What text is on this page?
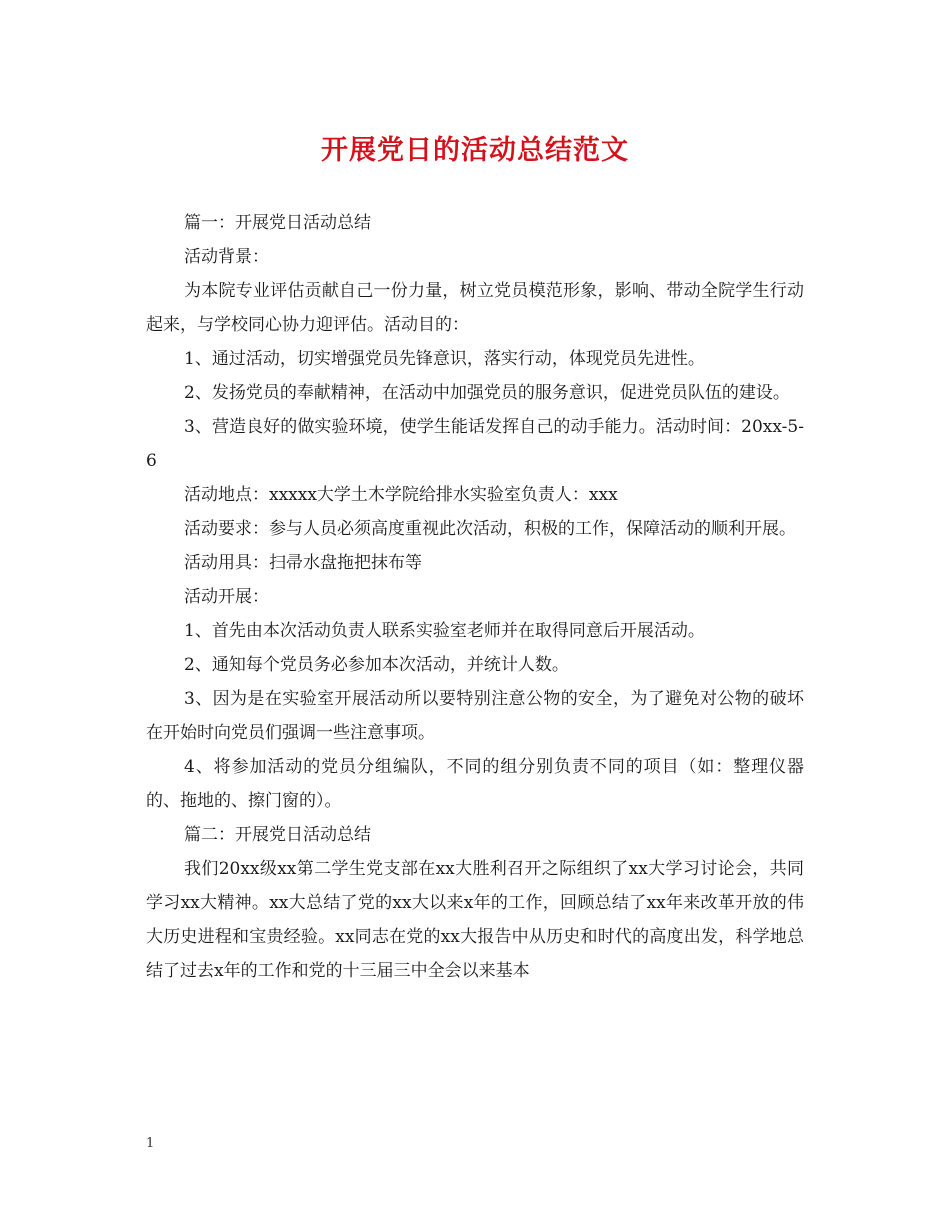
开展党日的活动总结范文

篇一：开展党日活动总结

活动背景：

为本院专业评估贡献自己一份力量，树立党员模范形象，影响、带动全院学生行动起来，与学校同心协力迎评估。活动目的：

1、通过活动，切实增强党员先锋意识，落实行动，体现党员先进性。

2、发扬党员的奉献精神，在活动中加强党员的服务意识，促进党员队伍的建设。

3、营造良好的做实验环境，使学生能话发挥自己的动手能力。活动时间：20xx-5-6

活动地点：xxxxx大学土木学院给排水实验室负责人：xxx

活动要求：参与人员必须高度重视此次活动，积极的工作，保障活动的顺利开展。

活动用具：扫帚水盘拖把抹布等

活动开展：

1、首先由本次活动负责人联系实验室老师并在取得同意后开展活动。

2、通知每个党员务必参加本次活动，并统计人数。

3、因为是在实验室开展活动所以要特别注意公物的安全，为了避免对公物的破坏在开始时向党员们强调一些注意事项。

4、将参加活动的党员分组编队，不同的组分别负责不同的项目（如：整理仪器的、拖地的、擦门窗的）。

篇二：开展党日活动总结

我们20xx级xx第二学生党支部在xx大胜利召开之际组织了xx大学习讨论会，共同学习xx大精神。xx大总结了党的xx大以来x年的工作，回顾总结了xx年来改革开放的伟大历史进程和宝贵经验。xx同志在党的xx大报告中从历史和时代的高度出发，科学地总结了过去x年的工作和党的十三届三中全会以来基本

1
